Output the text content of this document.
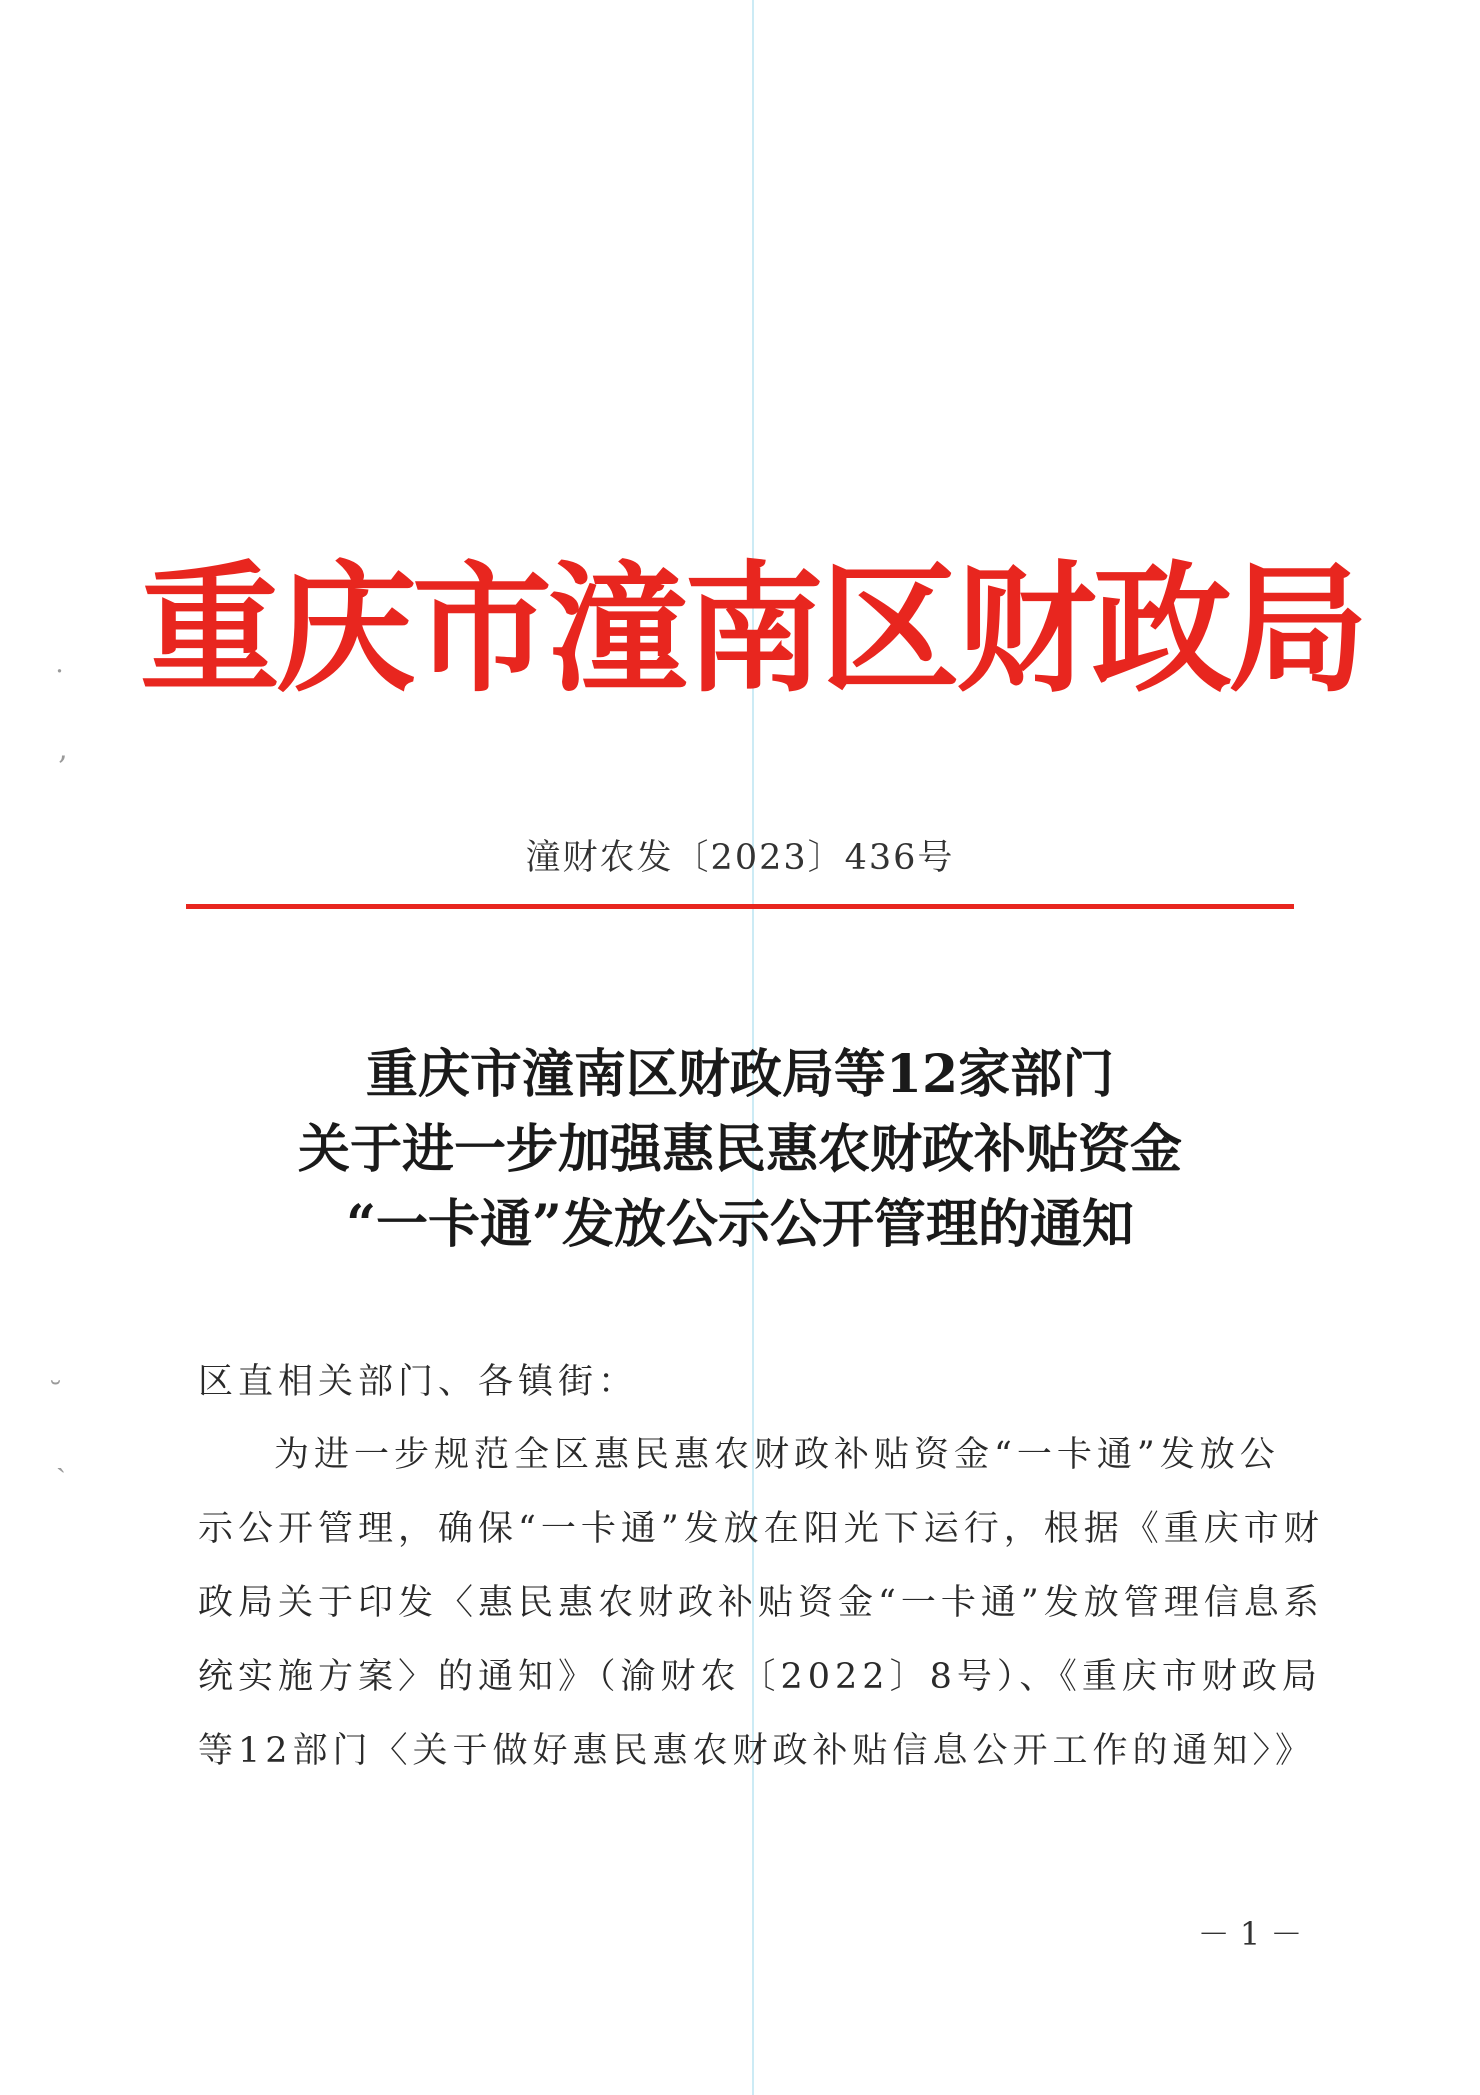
˙
‚
˘
ˎ
重庆市潼南区财政局
潼财农发〔2023〕436号
重庆市潼南区财政局等12家部门
关于进一步加强惠民惠农财政补贴资金
“一卡通”发放公示公开管理的通知
区直相关部门、各镇街：
为进一步规范全区惠民惠农财政补贴资金“一卡通”发放公
示公开管理，确保“一卡通”发放在阳光下运行，根据《重庆市财
政局关于印发〈惠民惠农财政补贴资金“一卡通”发放管理信息系
统实施方案〉的通知》（渝财农〔2022〕8号）、《重庆市财政局
等12部门〈关于做好惠民惠农财政补贴信息公开工作的通知〉》
－ 1 －
